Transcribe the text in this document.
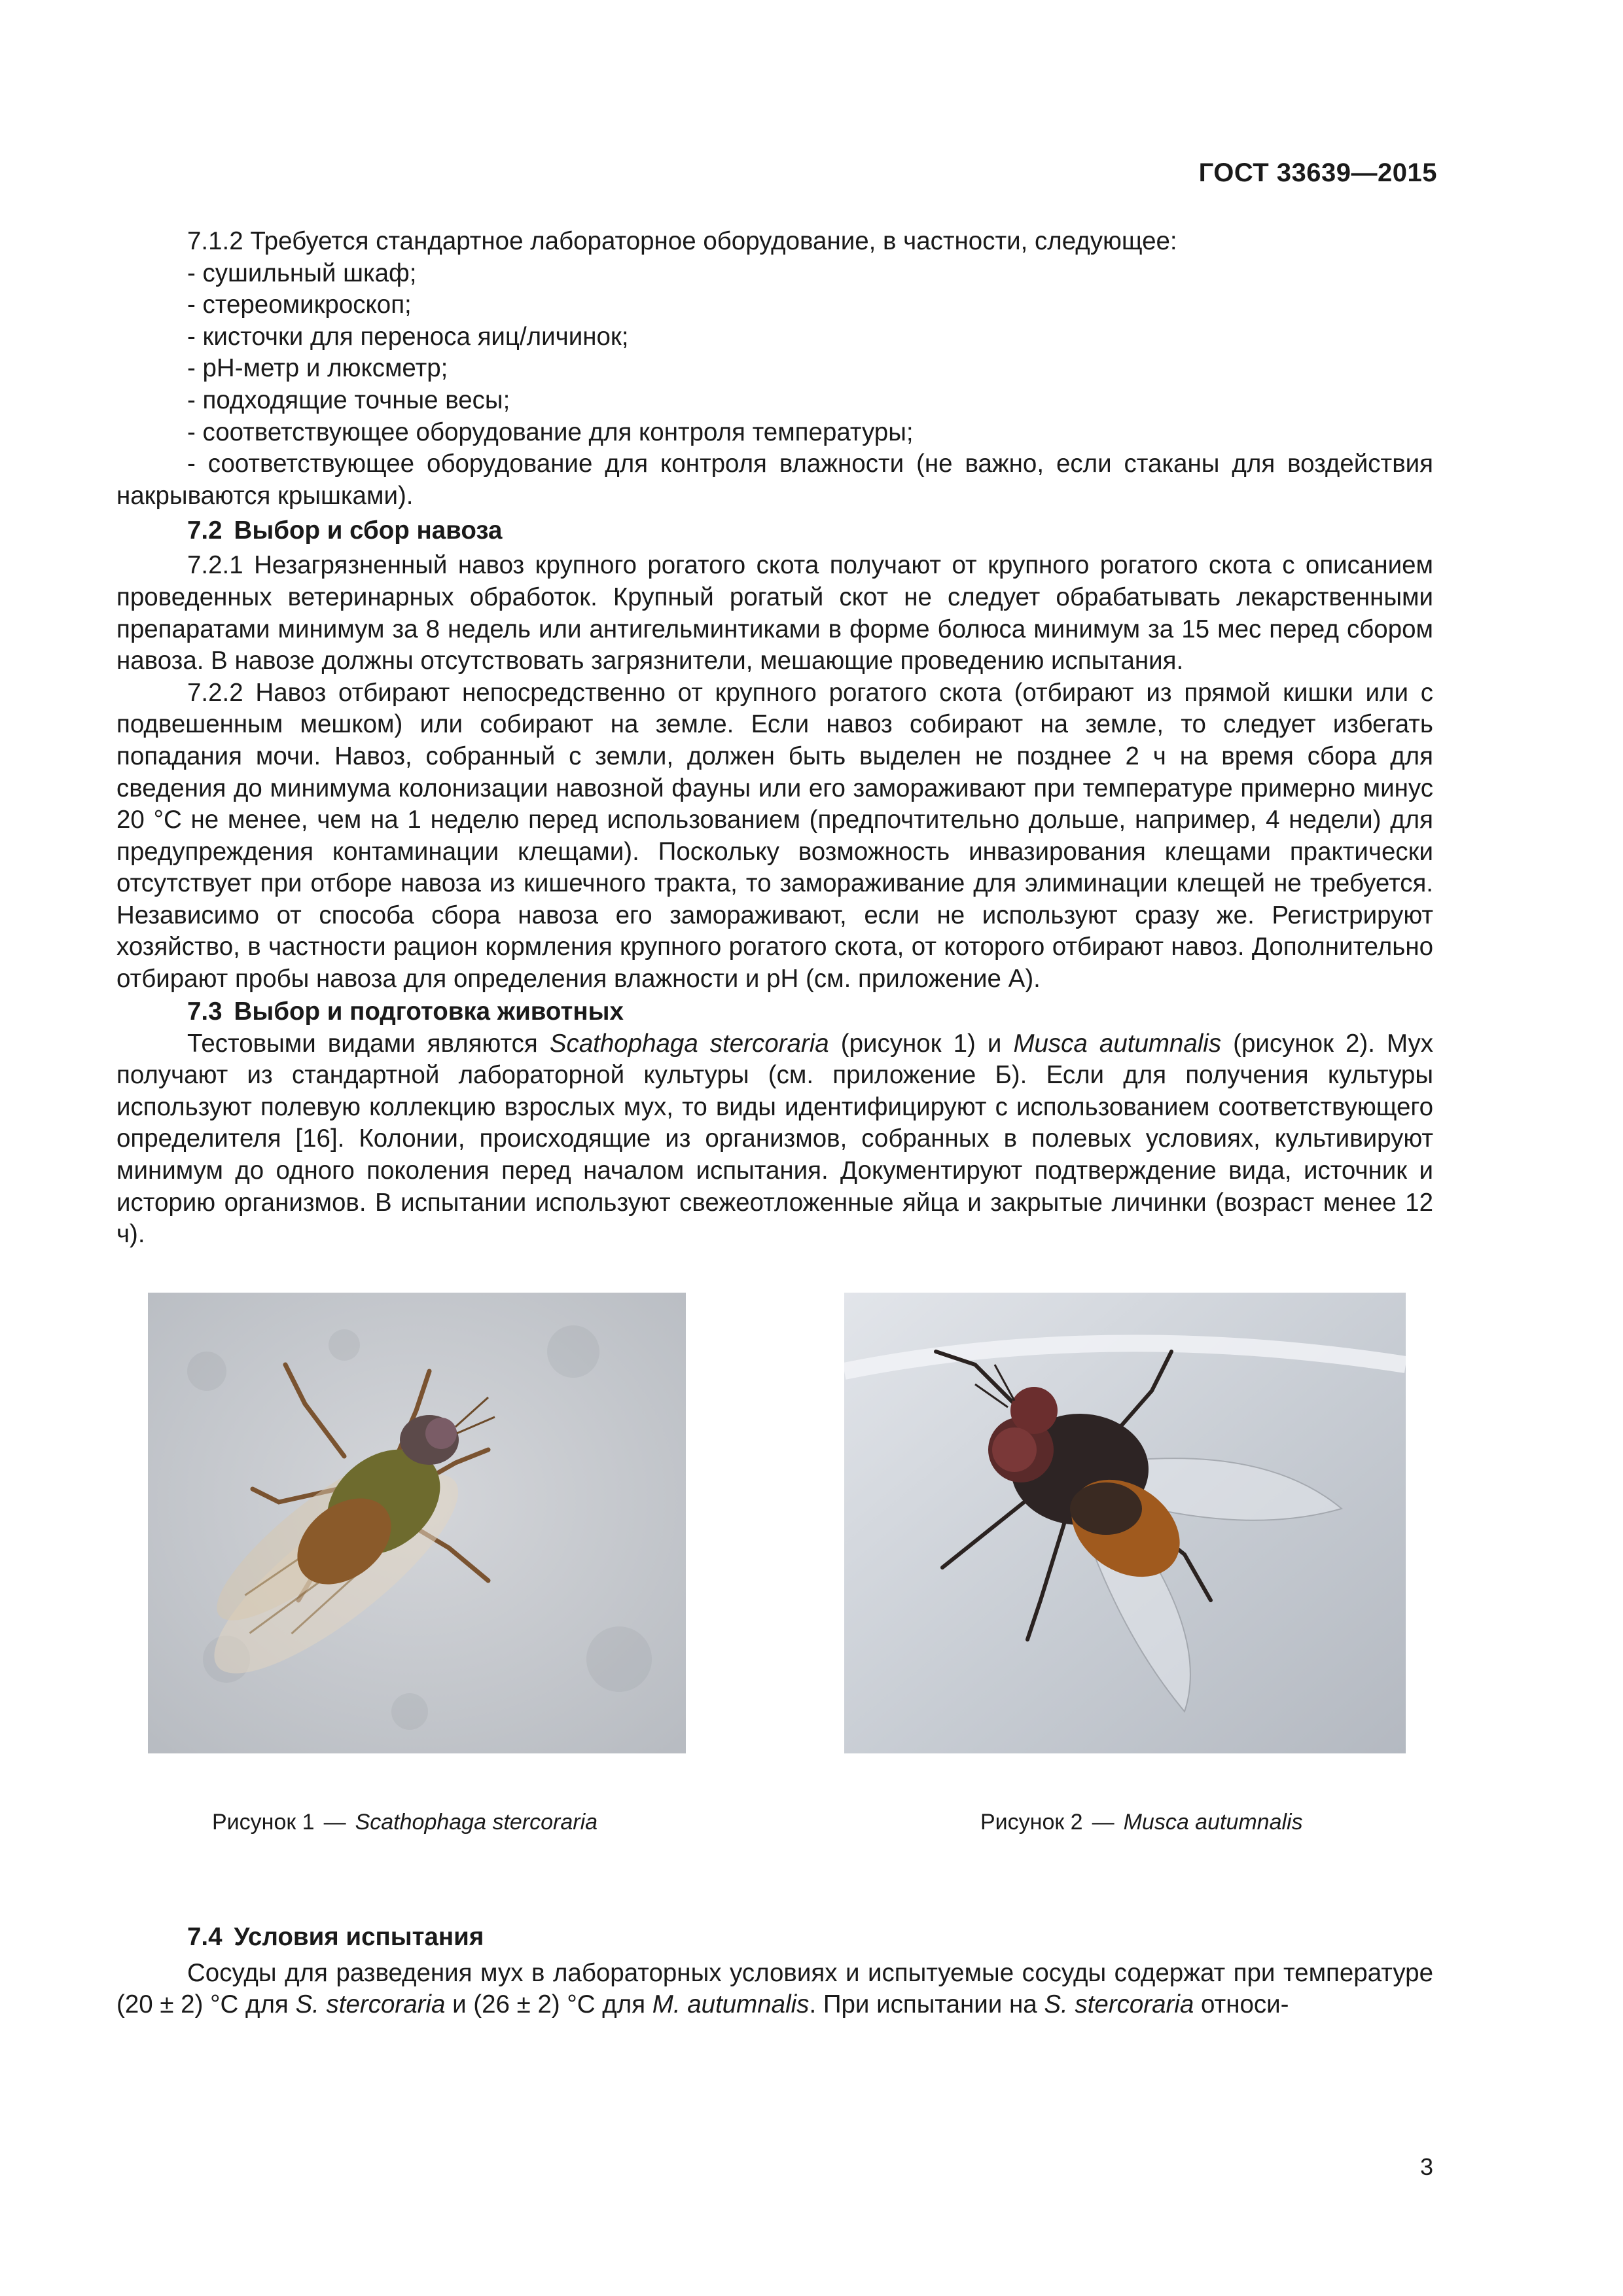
ГОСТ 33639—2015

7.1.2 Требуется стандартное лабораторное оборудование, в частности, следующее:

- сушильный шкаф;

- стереомикроскоп;

- кисточки для переноса яиц/личинок;

- рН-метр и люксметр;

- подходящие точные весы;

- соответствующее оборудование для контроля температуры;

- соответствующее оборудование для контроля влажности (не важно, если стаканы для воздействия накрываются крышками).

7.2 Выбор и сбор навоза

7.2.1 Незагрязненный навоз крупного рогатого скота получают от крупного рогатого скота с описанием проведенных ветеринарных обработок. Крупный рогатый скот не следует обрабатывать лекарственными препаратами минимум за 8 недель или антигельминтиками в форме болюса минимум за 15 мес перед сбором навоза. В навозе должны отсутствовать загрязнители, мешающие проведению испытания.

7.2.2 Навоз отбирают непосредственно от крупного рогатого скота (отбирают из прямой кишки или с подвешенным мешком) или собирают на земле. Если навоз собирают на земле, то следует избегать попадания мочи. Навоз, собранный с земли, должен быть выделен не позднее 2 ч на время сбора для сведения до минимума колонизации навозной фауны или его замораживают при температуре примерно минус 20 °С не менее, чем на 1 неделю перед использованием (предпочтительно дольше, например, 4 недели) для предупреждения контаминации клещами). Поскольку возможность инвазирования клещами практически отсутствует при отборе навоза из кишечного тракта, то замораживание для элиминации клещей не требуется. Независимо от способа сбора навоза его замораживают, если не используют сразу же. Регистрируют хозяйство, в частности рацион кормления крупного рогатого скота, от которого отбирают навоз. Дополнительно отбирают пробы навоза для определения влажности и рН (см. приложение А).

7.3 Выбор и подготовка животных

Тестовыми видами являются Scathophaga stercoraria (рисунок 1) и Musca autumnalis (рисунок 2). Мух получают из стандартной лабораторной культуры (см. приложение Б). Если для получения культуры используют полевую коллекцию взрослых мух, то виды идентифицируют с использованием соответствующего определителя [16]. Колонии, происходящие из организмов, собранных в полевых условиях, культивируют минимум до одного поколения перед началом испытания. Документируют подтверждение вида, источник и историю организмов. В испытании используют свежеотложенные яйца и закрытые личинки (возраст менее 12 ч).

Рисунок 1 — Scathophaga stercoraria	Рисунок 2 — Musca autumnalis
7.4 Условия испытания

Сосуды для разведения мух в лабораторных условиях и испытуемые сосуды содержат при температуре (20 ± 2) °С для S. stercoraria и (26 ± 2) °С для M. autumnalis. При испытании на S. stercoraria относи-

3
